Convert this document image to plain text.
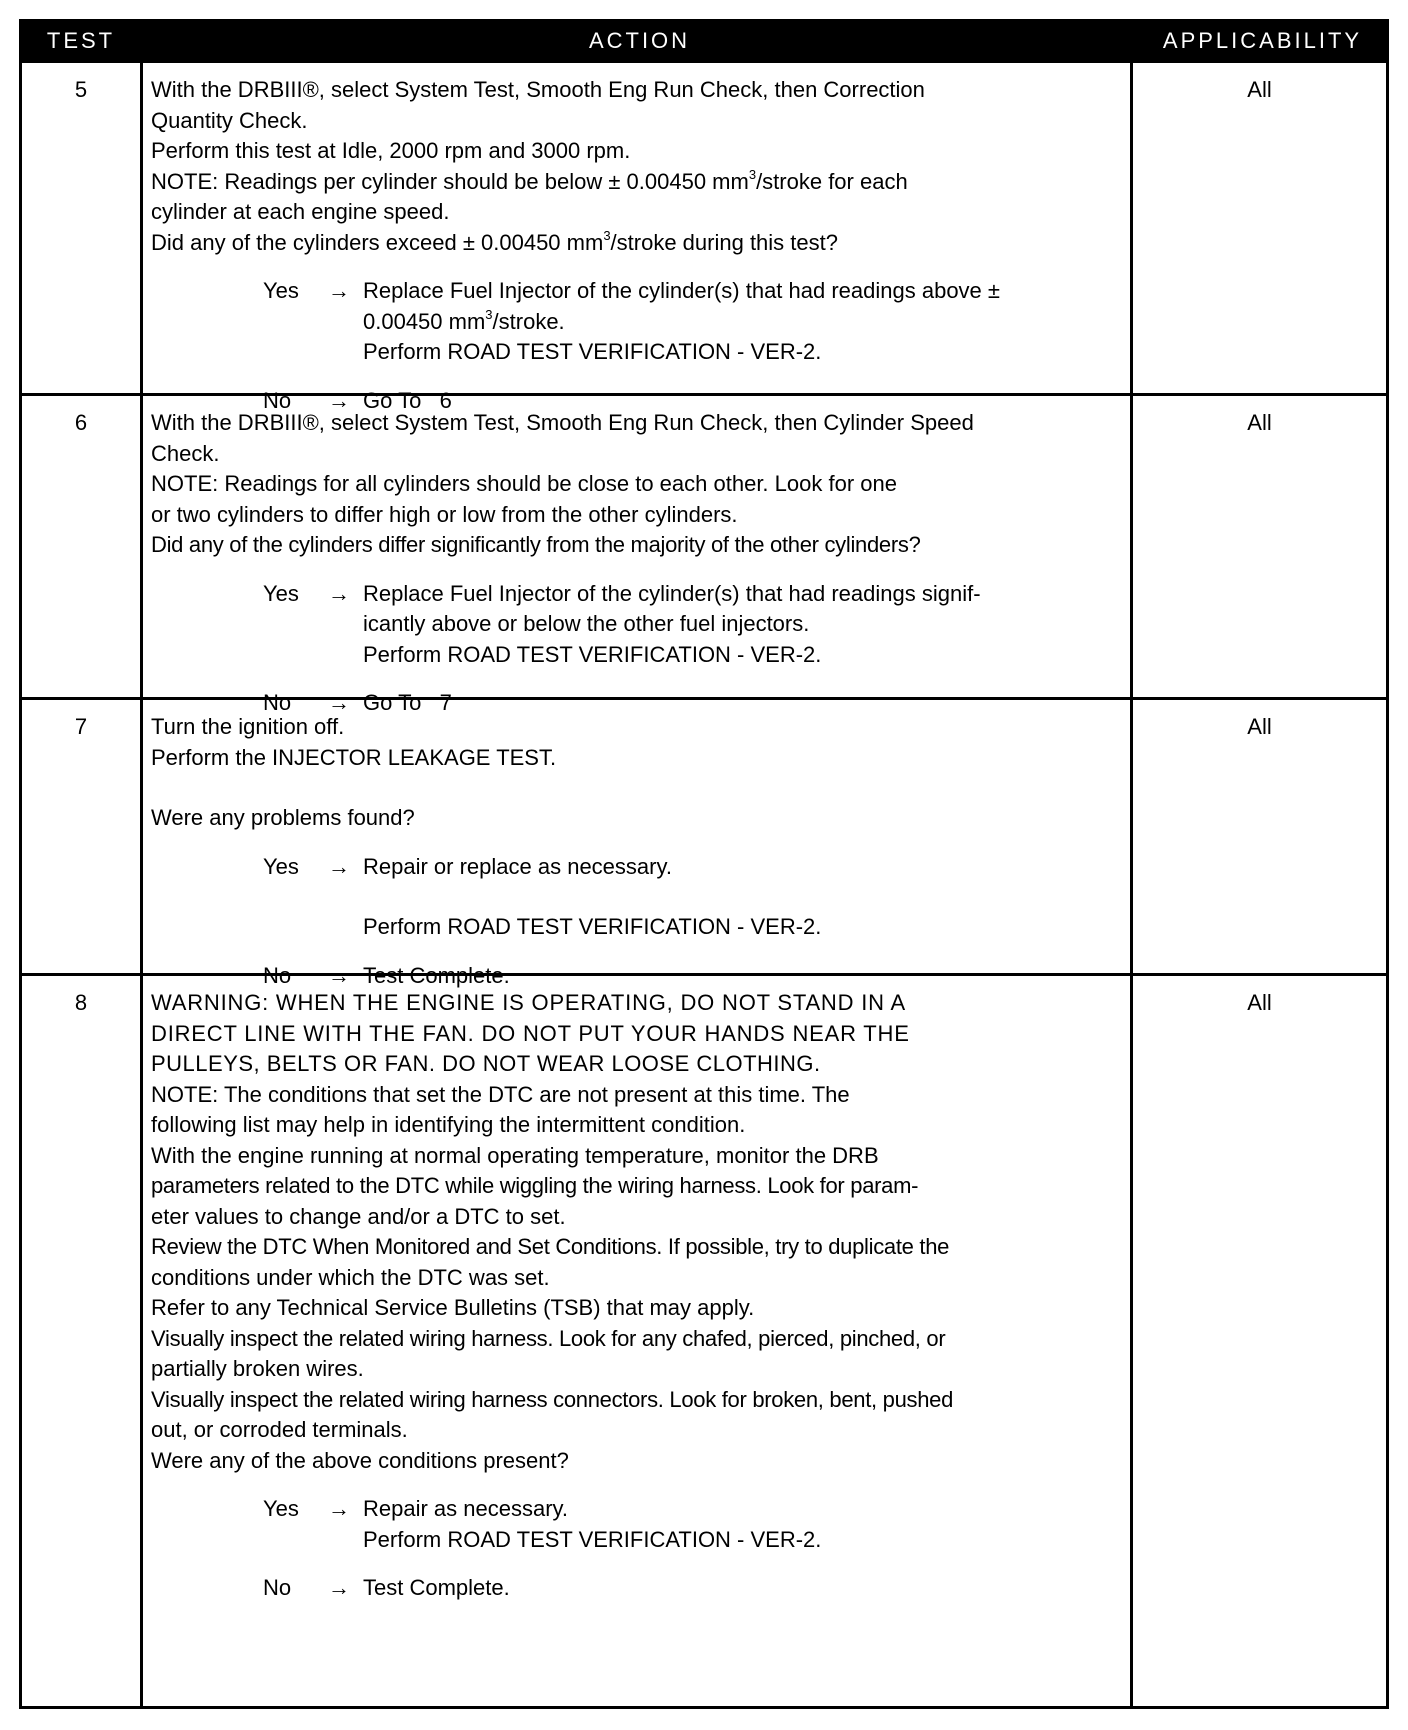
TEST	ACTION	APPLICABILITY
5	With the DRBIII®, select System Test, Smooth Eng Run Check, then Correction
Quantity Check.
Perform this test at Idle, 2000 rpm and 3000 rpm.
NOTE: Readings per cylinder should be below ± 0.00450 $mm^3$/stroke for each
cylinder at each engine speed.
Did any of the cylinders exceed ± 0.00450 $mm^3$/stroke during this test?
Yes	→ Replace Fuel Injector of the cylinder(s) that had readings above ±
0.00450 $mm^3$/stroke.
Perform ROAD TEST VERIFICATION - VER-2.
No	→ Go To   6
All
6	With the DRBIII®, select System Test, Smooth Eng Run Check, then Cylinder Speed
Check.
NOTE: Readings for all cylinders should be close to each other. Look for one
or two cylinders to differ high or low from the other cylinders.
Did any of the cylinders differ significantly from the majority of the other cylinders?
Yes	→ Replace Fuel Injector of the cylinder(s) that had readings signif-
icantly above or below the other fuel injectors.
Perform ROAD TEST VERIFICATION - VER-2.
No	→ Go To   7
All
7	Turn the ignition off.
Perform the INJECTOR LEAKAGE TEST.
Were any problems found?
Yes	→ Repair or replace as necessary.
Perform ROAD TEST VERIFICATION - VER-2.
No	→ Test Complete.
All
8	WARNING: WHEN THE ENGINE IS OPERATING, DO NOT STAND IN A
DIRECT LINE WITH THE FAN. DO NOT PUT YOUR HANDS NEAR THE
PULLEYS, BELTS OR FAN. DO NOT WEAR LOOSE CLOTHING.
NOTE: The conditions that set the DTC are not present at this time. The
following list may help in identifying the intermittent condition.
With the engine running at normal operating temperature, monitor the DRB
parameters related to the DTC while wiggling the wiring harness. Look for param-
eter values to change and/or a DTC to set.
Review the DTC When Monitored and Set Conditions. If possible, try to duplicate the
conditions under which the DTC was set.
Refer to any Technical Service Bulletins (TSB) that may apply.
Visually inspect the related wiring harness. Look for any chafed, pierced, pinched, or
partially broken wires.
Visually inspect the related wiring harness connectors. Look for broken, bent, pushed
out, or corroded terminals.
Were any of the above conditions present?
Yes	→ Repair as necessary.
Perform ROAD TEST VERIFICATION - VER-2.
No	→ Test Complete.
All
